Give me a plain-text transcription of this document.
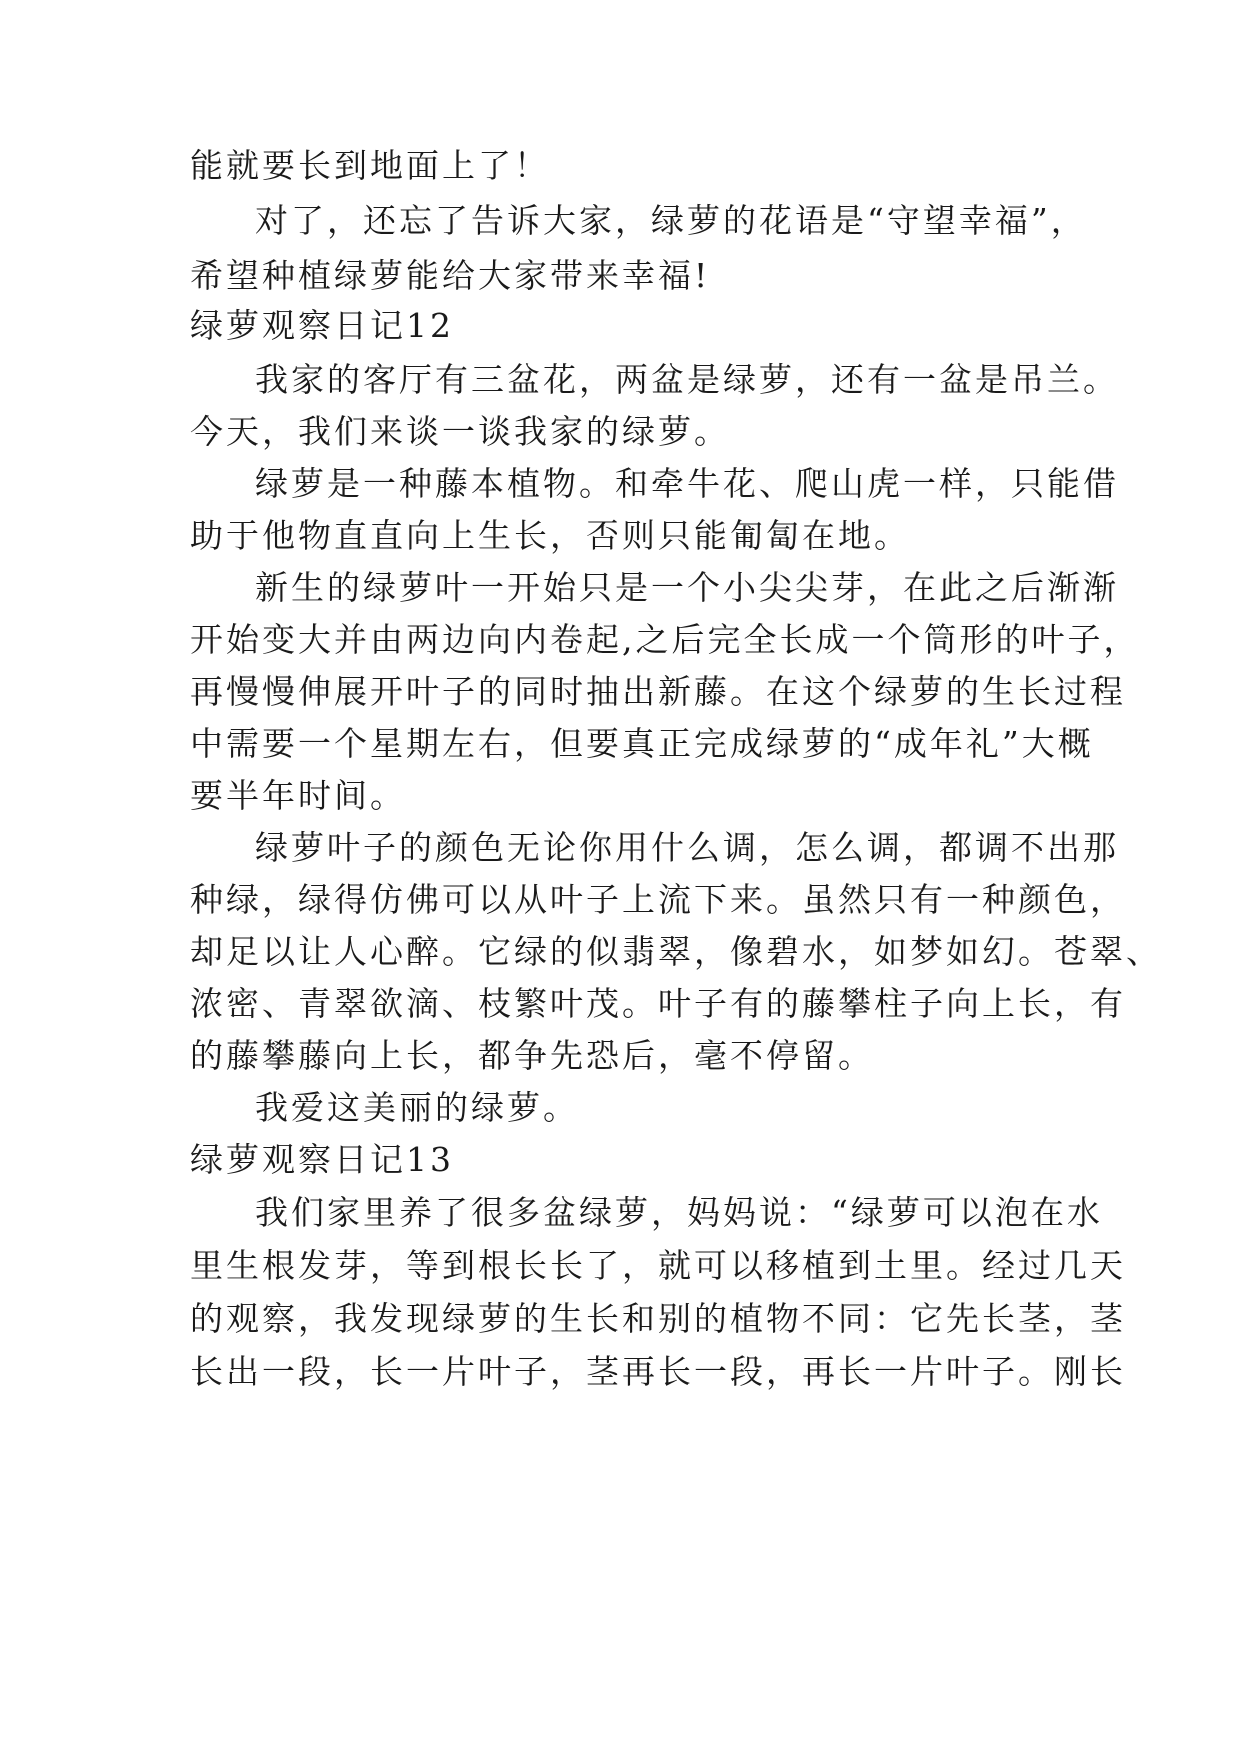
能就要长到地面上了！
对了，还忘了告诉大家，绿萝的花语是“守望幸福”，
希望种植绿萝能给大家带来幸福!
绿萝观察日记12
我家的客厅有三盆花，两盆是绿萝，还有一盆是吊兰。
今天，我们来谈一谈我家的绿萝。
绿萝是一种藤本植物。和牵牛花、爬山虎一样，只能借
助于他物直直向上生长，否则只能匍匐在地。
新生的绿萝叶一开始只是一个小尖尖芽，在此之后渐渐
开始变大并由两边向内卷起,之后完全长成一个筒形的叶子，
再慢慢伸展开叶子的同时抽出新藤。在这个绿萝的生长过程
中需要一个星期左右，但要真正完成绿萝的“成年礼”大概
要半年时间。
绿萝叶子的颜色无论你用什么调，怎么调，都调不出那
种绿，绿得仿佛可以从叶子上流下来。虽然只有一种颜色，
却足以让人心醉。它绿的似翡翠，像碧水，如梦如幻。苍翠、
浓密、青翠欲滴、枝繁叶茂。叶子有的藤攀柱子向上长，有
的藤攀藤向上长，都争先恐后，毫不停留。
我爱这美丽的绿萝。
绿萝观察日记13
我们家里养了很多盆绿萝，妈妈说：“绿萝可以泡在水
里生根发芽，等到根长长了，就可以移植到土里。经过几天
的观察，我发现绿萝的生长和别的植物不同：它先长茎，茎
长出一段，长一片叶子，茎再长一段，再长一片叶子。刚长
